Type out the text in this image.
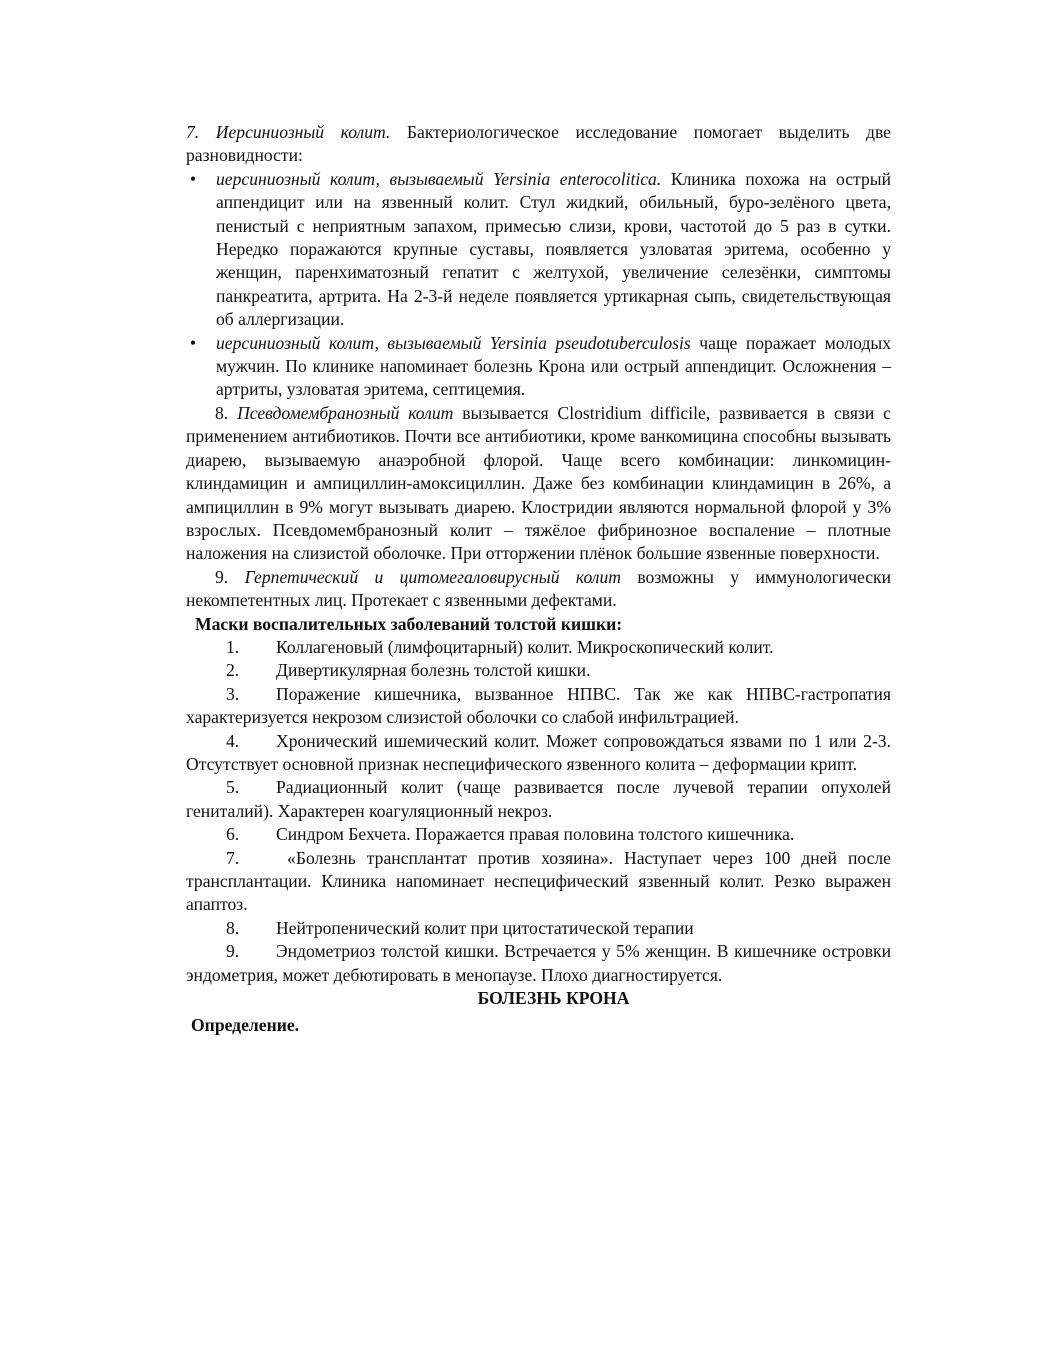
7. Иерсиниозный колит. Бактериологическое исследование помогает выделить две разновидности:

• иерсиниозный колит, вызываемый Yersinia enterocolitica. Клиника похожа на острый аппендицит или на язвенный колит. Стул жидкий, обильный, буро-зелёного цвета, пенистый с неприятным запахом, примесью слизи, крови, частотой до 5 раз в сутки. Нередко поражаются крупные суставы, появляется узловатая эритема, особенно у женщин, паренхиматозный гепатит с желтухой, увеличение селезёнки, симптомы панкреатита, артрита. На 2-3-й неделе появляется уртикарная сыпь, свидетельствующая об аллергизации.
• иерсиниозный колит, вызываемый Yersinia pseudotuberculosis чаще поражает молодых мужчин. По клинике напоминает болезнь Крона или острый аппендицит. Осложнения – артриты, узловатая эритема, септицемия.

8. Псевдомембранозный колит вызывается Clostridium difficile, развивается в связи с применением антибиотиков. Почти все антибиотики, кроме ванкомицина способны вызывать диарею, вызываемую анаэробной флорой. Чаще всего комбинации: линкомицин-клиндамицин и ампициллин-амоксициллин. Даже без комбинации клиндамицин в 26%, а ампициллин в 9% могут вызывать диарею. Клостридии являются нормальной флорой у 3% взрослых. Псевдомембранозный колит – тяжёлое фибринозное воспаление – плотные наложения на слизистой оболочке. При отторжении плёнок большие язвенные поверхности.

9. Герпетический и цитомегаловирусный колит возможны у иммунологически некомпетентных лиц. Протекает с язвенными дефектами.

Маски воспалительных заболеваний толстой кишки:

1. Коллагеновый (лимфоцитарный) колит. Микроскопический колит.

2. Дивертикулярная болезнь толстой кишки.

3. Поражение кишечника, вызванное НПВС. Так же как НПВС-гастропатия характеризуется некрозом слизистой оболочки со слабой инфильтрацией.

4. Хронический ишемический колит. Может сопровождаться язвами по 1 или 2-3. Отсутствует основной признак неспецифического язвенного колита – деформации крипт.

5. Радиационный колит (чаще развивается после лучевой терапии опухолей гениталий). Характерен коагуляционный некроз.

6. Синдром Бехчета. Поражается правая половина толстого кишечника.

7. «Болезнь трансплантат против хозяина». Наступает через 100 дней после трансплантации. Клиника напоминает неспецифический язвенный колит. Резко выражен апаптоз.

8. Нейтропенический колит при цитостатической терапии

9. Эндометриоз толстой кишки. Встречается у 5% женщин. В кишечнике островки эндометрия, может дебютировать в менопаузе. Плохо диагностируется.

БОЛЕЗНЬ КРОНА

Определение.
